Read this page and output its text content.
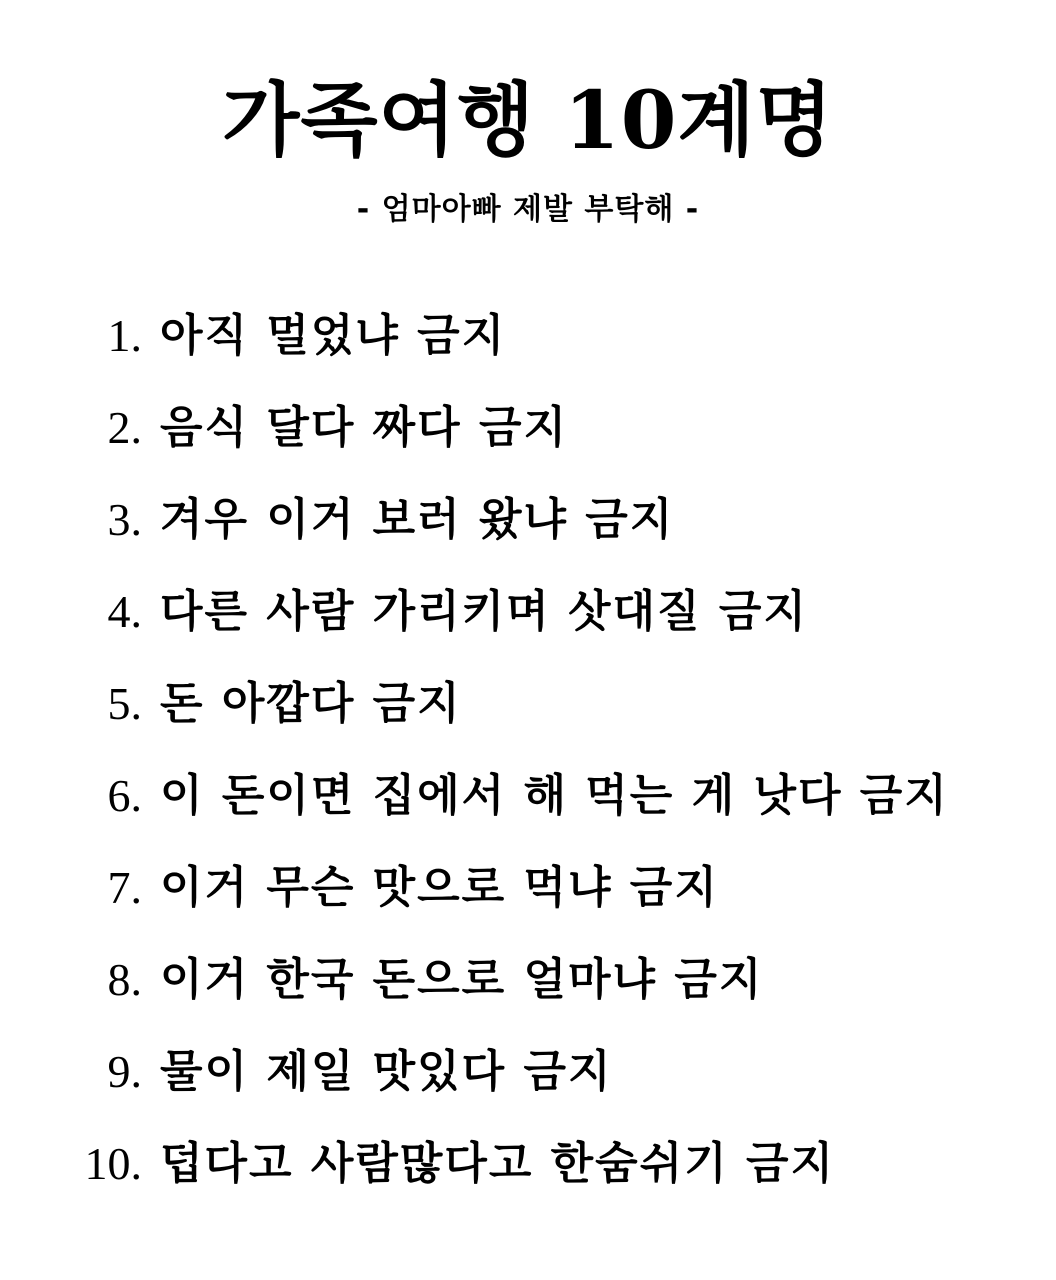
가족여행 10계명
- 엄마아빠 제발 부탁해 -
1. 아직 멀었냐 금지
2. 음식 달다 짜다 금지
3. 겨우 이거 보러 왔냐 금지
4. 다른 사람 가리키며 삿대질 금지
5. 돈 아깝다 금지
6. 이 돈이면 집에서 해 먹는 게 낫다 금지
7. 이거 무슨 맛으로 먹냐 금지
8. 이거 한국 돈으로 얼마냐 금지
9. 물이 제일 맛있다 금지
10. 덥다고 사람많다고 한숨쉬기 금지
